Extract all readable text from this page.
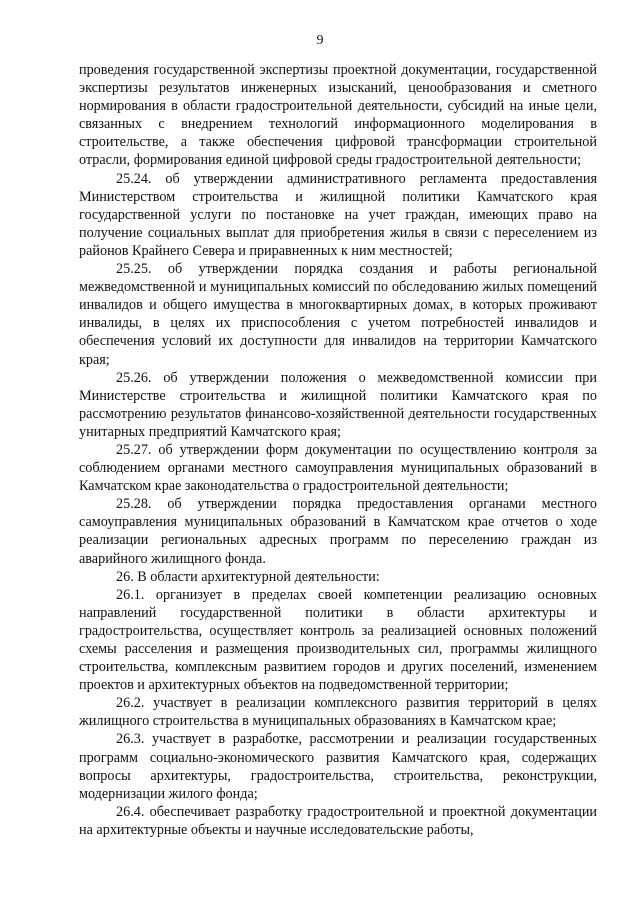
9

проведения государственной экспертизы проектной документации, государственной экспертизы результатов инженерных изысканий, ценообразования и сметного нормирования в области градостроительной деятельности, субсидий на иные цели, связанных с внедрением технологий информационного моделирования в строительстве, а также обеспечения цифровой трансформации строительной отрасли, формирования единой цифровой среды градостроительной деятельности;

25.24. об утверждении административного регламента предоставления Министерством строительства и жилищной политики Камчатского края государственной услуги по постановке на учет граждан, имеющих право на получение социальных выплат для приобретения жилья в связи с переселением из районов Крайнего Севера и приравненных к ним местностей;

25.25. об утверждении порядка создания и работы региональной межведомственной и муниципальных комиссий по обследованию жилых помещений инвалидов и общего имущества в многоквартирных домах, в которых проживают инвалиды, в целях их приспособления с учетом потребностей инвалидов и обеспечения условий их доступности для инвалидов на территории Камчатского края;

25.26. об утверждении положения о межведомственной комиссии при Министерстве строительства и жилищной политики Камчатского края по рассмотрению результатов финансово-хозяйственной деятельности государственных унитарных предприятий Камчатского края;

25.27. об утверждении форм документации по осуществлению контроля за соблюдением органами местного самоуправления муниципальных образований в Камчатском крае законодательства о градостроительной деятельности;

25.28. об утверждении порядка предоставления органами местного самоуправления муниципальных образований в Камчатском крае отчетов о ходе реализации региональных адресных программ по переселению граждан из аварийного жилищного фонда.

26. В области архитектурной деятельности:

26.1. организует в пределах своей компетенции реализацию основных направлений государственной политики в области архитектуры и градостроительства, осуществляет контроль за реализацией основных положений схемы расселения и размещения производительных сил, программы жилищного строительства, комплексным развитием городов и других поселений, изменением проектов и архитектурных объектов на подведомственной территории;

26.2. участвует в реализации комплексного развития территорий в целях жилищного строительства в муниципальных образованиях в Камчатском крае;

26.3. участвует в разработке, рассмотрении и реализации государственных программ социально-экономического развития Камчатского края, содержащих вопросы архитектуры, градостроительства, строительства, реконструкции, модернизации жилого фонда;

26.4. обеспечивает разработку градостроительной и проектной документации на архитектурные объекты и научные исследовательские работы,
